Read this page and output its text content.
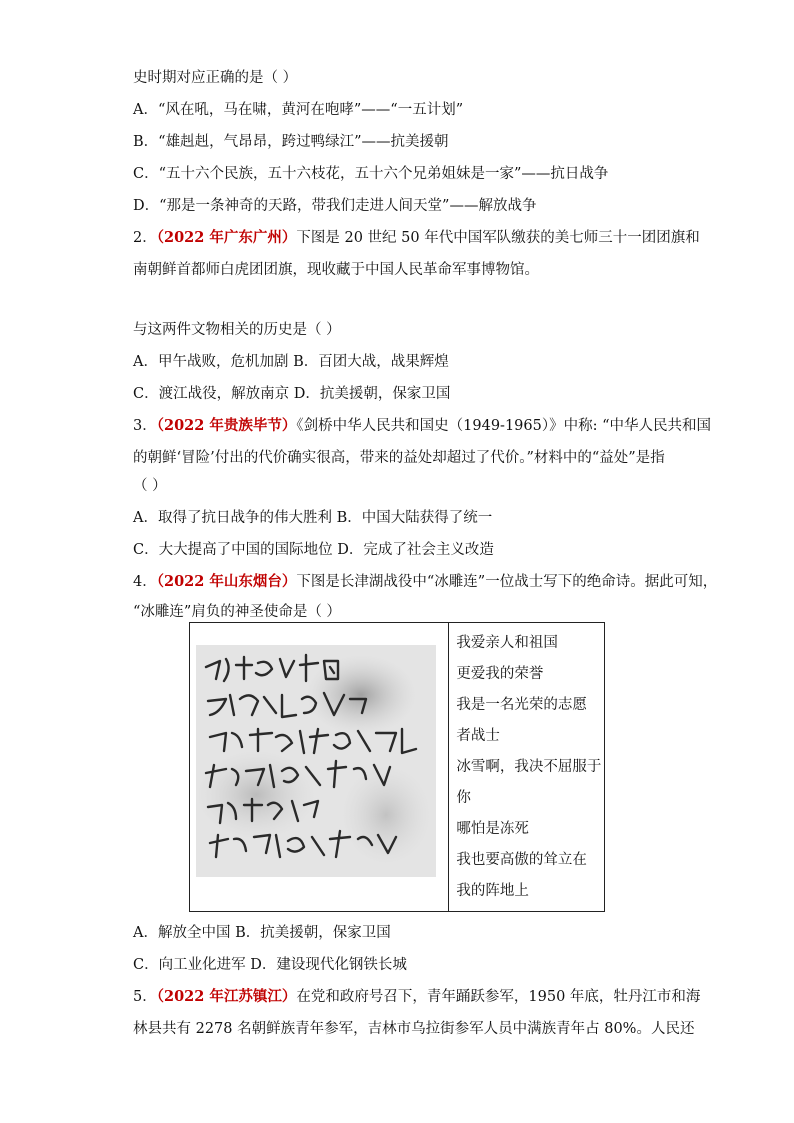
史时期对应正确的是（ ）
A．“风在吼，马在啸，黄河在咆哮”——“一五计划”
B．“雄赳赳，气昂昂，跨过鸭绿江”——抗美援朝
C．“五十六个民族，五十六枝花，五十六个兄弟姐妹是一家”——抗日战争
D．“那是一条神奇的天路，带我们走进人间天堂”——解放战争
2．（2022 年广东广州）下图是 20 世纪 50 年代中国军队缴获的美七师三十一团团旗和
南朝鲜首都师白虎团团旗，现收藏于中国人民革命军事博物馆。
与这两件文物相关的历史是（ ）
A．甲午战败，危机加剧 B．百团大战，战果辉煌
C．渡江战役，解放南京 D．抗美援朝，保家卫国
3．（2022 年贵族毕节）《剑桥中华人民共和国史（1949-1965）》中称: “中华人民共和国
的朝鲜‘冒险’付出的代价确实很高，带来的益处却超过了代价。”材料中的“益处”是指
（ ）
A．取得了抗日战争的伟大胜利 B．中国大陆获得了统一
C．大大提高了中国的国际地位 D．完成了社会主义改造
4．（2022 年山东烟台）下图是长津湖战役中“冰雕连”一位战士写下的绝命诗。据此可知，
“冰雕连”肩负的神圣使命是（ ）

我爱亲人和祖国
更爱我的荣誉
我是一名光荣的志愿
者战士
冰雪啊，我决不屈服于
你
哪怕是冻死
我也要高傲的耸立在
我的阵地上
A．解放全中国 B．抗美援朝，保家卫国
C．向工业化进军 D．建设现代化钢铁长城
5．（2022 年江苏镇江）在党和政府号召下，青年踊跃参军，1950 年底，牡丹江市和海
林县共有 2278 名朝鲜族青年参军，吉林市乌拉街参军人员中满族青年占 80%。人民还
